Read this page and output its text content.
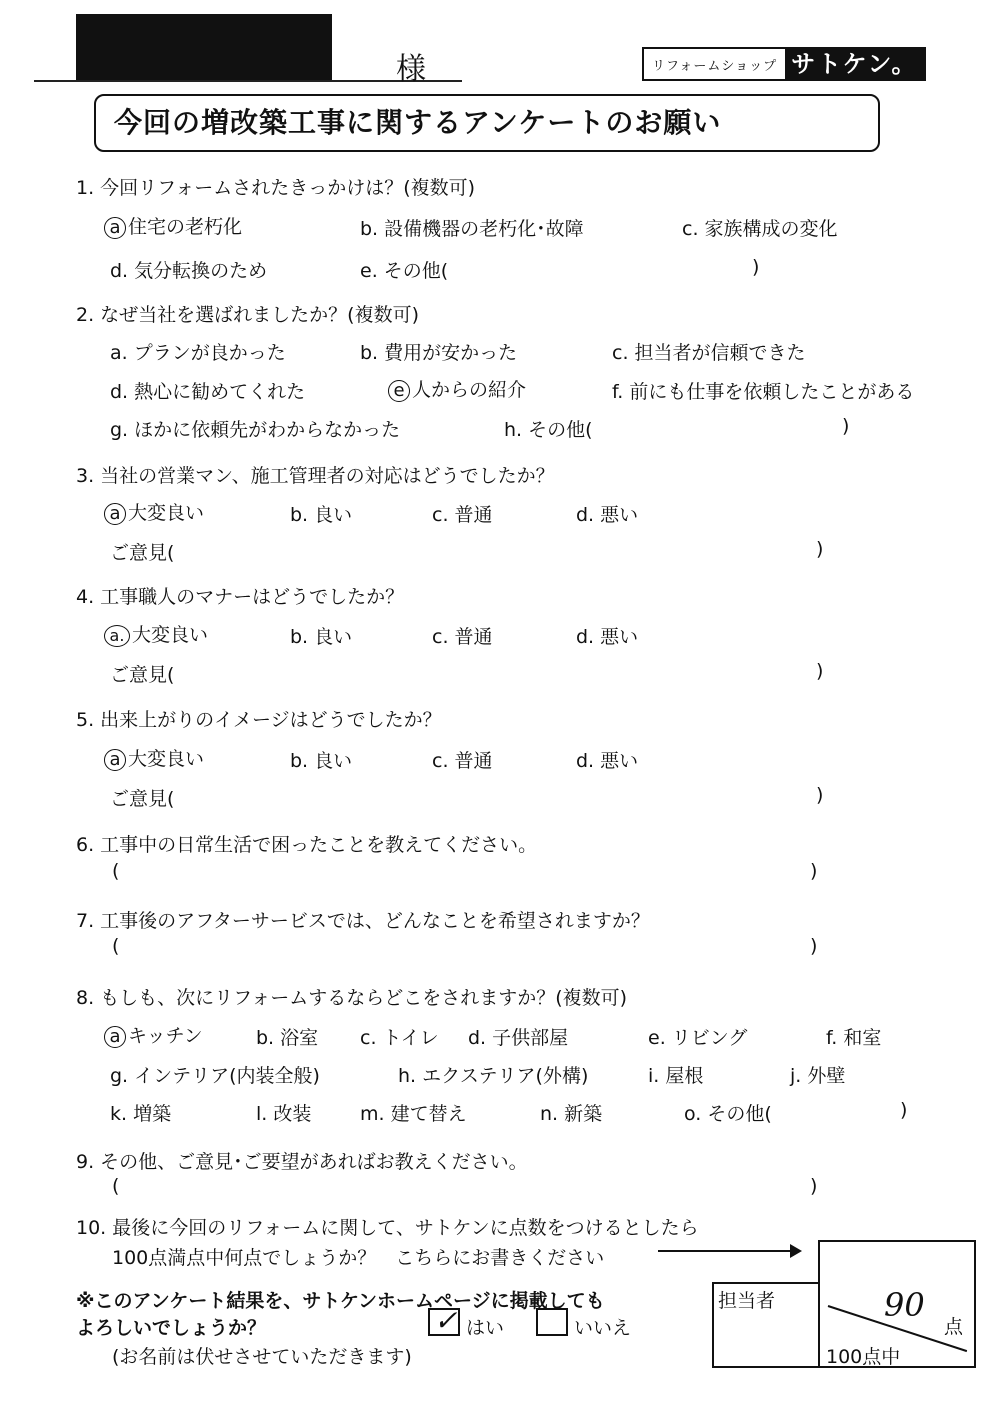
様	リフォームショップ サトケン。
今回の増改築工事に関するアンケートのお願い
1. 今回リフォームされたきっかけは？(複数可)
a 住宅の老朽化	b. 設備機器の老朽化･故障	c. 家族構成の変化
d. 気分転換のため	e. その他(	)
2. なぜ当社を選ばれましたか？(複数可)
a. プランが良かった	b. 費用が安かった	c. 担当者が信頼できた
d. 熱心に勧めてくれた	e 人からの紹介	f. 前にも仕事を依頼したことがある
g. ほかに依頼先がわからなかった	h. その他(	)
3. 当社の営業マン、施工管理者の対応はどうでしたか？
a 大変良い	b. 良い	c. 普通	d. 悪い
ご意見(	)
4. 工事職人のマナーはどうでしたか？
a. 大変良い	b. 良い	c. 普通	d. 悪い
ご意見(	)
5. 出来上がりのイメージはどうでしたか？
a 大変良い	b. 良い	c. 普通	d. 悪い
ご意見(	)
6. 工事中の日常生活で困ったことを教えてください。
(	)
7. 工事後のアフターサービスでは、どんなことを希望されますか？
(	)
8. もしも、次にリフォームするならどこをされますか？(複数可)
a キッチン	b. 浴室 c. トイレ d. 子供部屋	e. リビング	f. 和室
g. インテリア(内装全般)	h. エクステリア(外構)	i. 屋根	j. 外壁
k. 増築	l. 改装	m. 建て替え	n. 新築	o. その他(	)
9. その他、ご意見･ご要望があればお教えください。
(	)
10. 最後に今回のリフォームに関して、サトケンに点数をつけるとしたら
100点満点中何点でしょうか？　こちらにお書きください
90
点
100点中
担当者
※このアンケート結果を、サトケンホームページに掲載しても
よろしいでしょうか？	✓ はい	いいえ
(お名前は伏せさせていただきます)
